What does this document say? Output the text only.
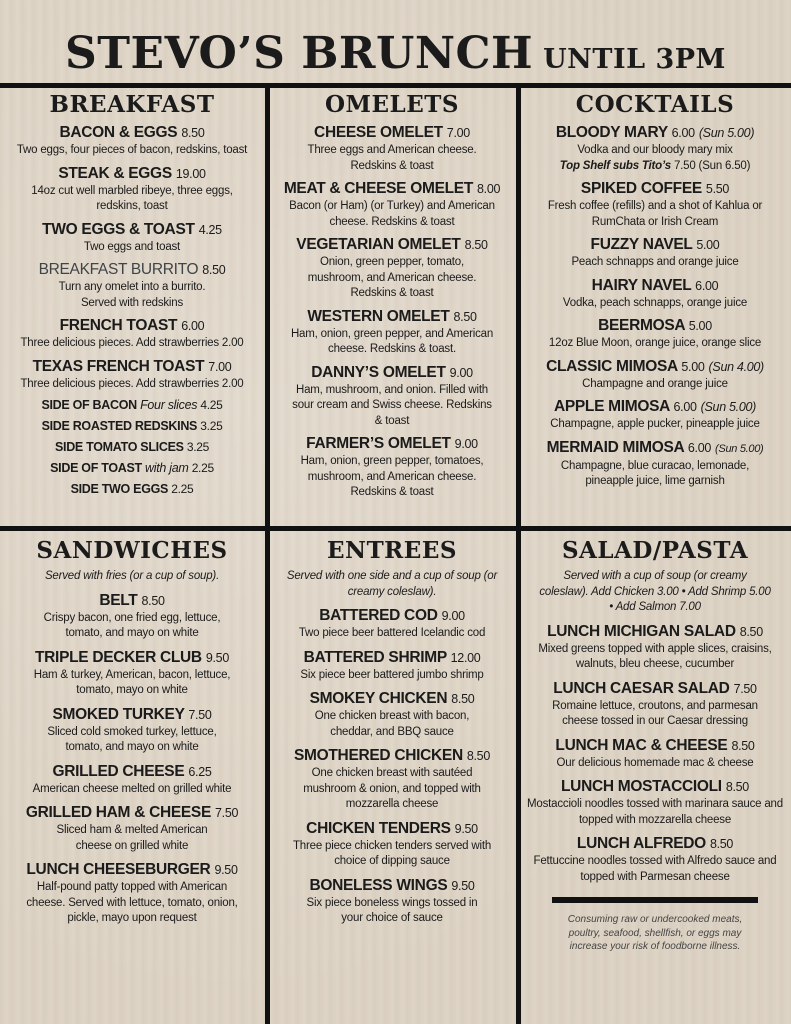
STEVO’S BRUNCH UNTIL 3PM
BREAKFAST
BACON & EGGS 8.50
Two eggs, four pieces of bacon, redskins, toast
STEAK & EGGS 19.00
14oz cut well marbled ribeye, three eggs, redskins, toast
TWO EGGS & TOAST 4.25
Two eggs and toast
BREAKFAST BURRITO 8.50
Turn any omelet into a burrito. Served with redskins
FRENCH TOAST 6.00
Three delicious pieces. Add strawberries 2.00
TEXAS FRENCH TOAST 7.00
Three delicious pieces. Add strawberries 2.00
SIDE OF BACON Four slices 4.25
SIDE ROASTED REDSKINS 3.25
SIDE TOMATO SLICES 3.25
SIDE OF TOAST with jam 2.25
SIDE TWO EGGS 2.25
OMELETS
CHEESE OMELET 7.00
Three eggs and American cheese. Redskins & toast
MEAT & CHEESE OMELET 8.00
Bacon (or Ham) (or Turkey) and American cheese. Redskins & toast
VEGETARIAN OMELET 8.50
Onion, green pepper, tomato, mushroom, and American cheese. Redskins & toast
WESTERN OMELET 8.50
Ham, onion, green pepper, and American cheese. Redskins & toast.
DANNY’S OMELET 9.00
Ham, mushroom, and onion. Filled with sour cream and Swiss cheese. Redskins & toast
FARMER’S OMELET 9.00
Ham, onion, green pepper, tomatoes, mushroom, and American cheese. Redskins & toast
COCKTAILS
BLOODY MARY 6.00 (Sun 5.00)
Vodka and our bloody mary mix
Top Shelf subs Tito’s 7.50 (Sun 6.50)
SPIKED COFFEE 5.50
Fresh coffee (refills) and a shot of Kahlua or RumChata or Irish Cream
FUZZY NAVEL 5.00
Peach schnapps and orange juice
HAIRY NAVEL 6.00
Vodka, peach schnapps, orange juice
BEERMOSA 5.00
12oz Blue Moon, orange juice, orange slice
CLASSIC MIMOSA 5.00 (Sun 4.00)
Champagne and orange juice
APPLE MIMOSA 6.00 (Sun 5.00)
Champagne, apple pucker, pineapple juice
MERMAID MIMOSA 6.00 (Sun 5.00)
Champagne, blue curacao, lemonade, pineapple juice, lime garnish
SANDWICHES
Served with fries (or a cup of soup).
BELT 8.50
Crispy bacon, one fried egg, lettuce, tomato, and mayo on white
TRIPLE DECKER CLUB 9.50
Ham & turkey, American, bacon, lettuce, tomato, mayo on white
SMOKED TURKEY 7.50
Sliced cold smoked turkey, lettuce, tomato, and mayo on white
GRILLED CHEESE 6.25
American cheese melted on grilled white
GRILLED HAM & CHEESE 7.50
Sliced ham & melted American cheese on grilled white
LUNCH CHEESEBURGER 9.50
Half-pound patty topped with American cheese. Served with lettuce, tomato, onion, pickle, mayo upon request
ENTREES
Served with one side and a cup of soup (or creamy coleslaw).
BATTERED COD 9.00
Two piece beer battered Icelandic cod
BATTERED SHRIMP 12.00
Six piece beer battered jumbo shrimp
SMOKEY CHICKEN 8.50
One chicken breast with bacon, cheddar, and BBQ sauce
SMOTHERED CHICKEN 8.50
One chicken breast with sautéed mushroom & onion, and topped with mozzarella cheese
CHICKEN TENDERS 9.50
Three piece chicken tenders served with choice of dipping sauce
BONELESS WINGS 9.50
Six piece boneless wings tossed in your choice of sauce
SALAD/PASTA
Served with a cup of soup (or creamy coleslaw). Add Chicken 3.00 • Add Shrimp 5.00 • Add Salmon 7.00
LUNCH MICHIGAN SALAD 8.50
Mixed greens topped with apple slices, craisins, walnuts, bleu cheese, cucumber
LUNCH CAESAR SALAD 7.50
Romaine lettuce, croutons, and parmesan cheese tossed in our Caesar dressing
LUNCH MAC & CHEESE 8.50
Our delicious homemade mac & cheese
LUNCH MOSTACCIOLI 8.50
Mostaccioli noodles tossed with marinara sauce and topped with mozzarella cheese
LUNCH ALFREDO 8.50
Fettuccine noodles tossed with Alfredo sauce and topped with Parmesan cheese
Consuming raw or undercooked meats, poultry, seafood, shellfish, or eggs may increase your risk of foodborne illness.
